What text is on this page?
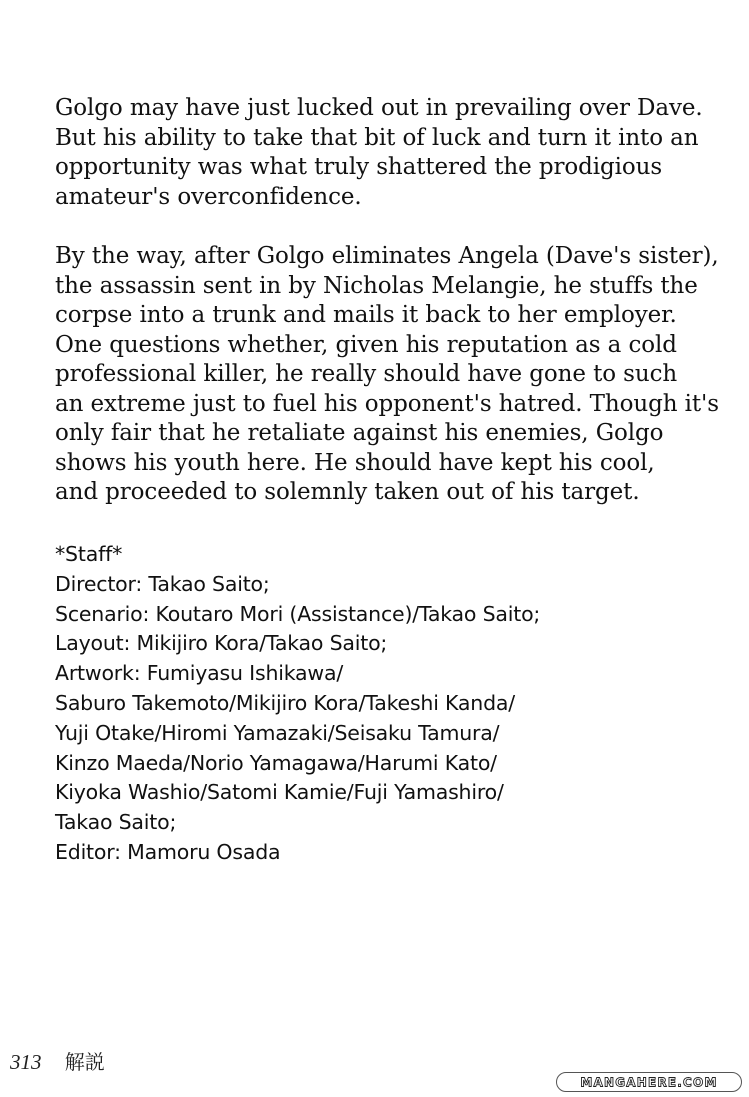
Golgo may have just lucked out in prevailing over Dave.
But his ability to take that bit of luck and turn it into an
opportunity was what truly shattered the prodigious
amateur's overconfidence.

By the way, after Golgo eliminates Angela (Dave's sister),
the assassin sent in by Nicholas Melangie, he stuffs the
corpse into a trunk and mails it back to her employer.
One questions whether, given his reputation as a cold
professional killer, he really should have gone to such
an extreme just to fuel his opponent's hatred. Though it's
only fair that he retaliate against his enemies, Golgo
shows his youth here. He should have kept his cool,
and proceeded to solemnly taken out of his target.

*Staff*
Director: Takao Saito;
Scenario: Koutaro Mori (Assistance)/Takao Saito;
Layout: Mikijiro Kora/Takao Saito;
Artwork: Fumiyasu Ishikawa/
Saburo Takemoto/Mikijiro Kora/Takeshi Kanda/
Yuji Otake/Hiromi Yamazaki/Seisaku Tamura/
Kinzo Maeda/Norio Yamagawa/Harumi Kato/
Kiyoka Washio/Satomi Kamie/Fuji Yamashiro/
Takao Saito;
Editor: Mamoru Osada
313 解説
MANGAHERE.COM
